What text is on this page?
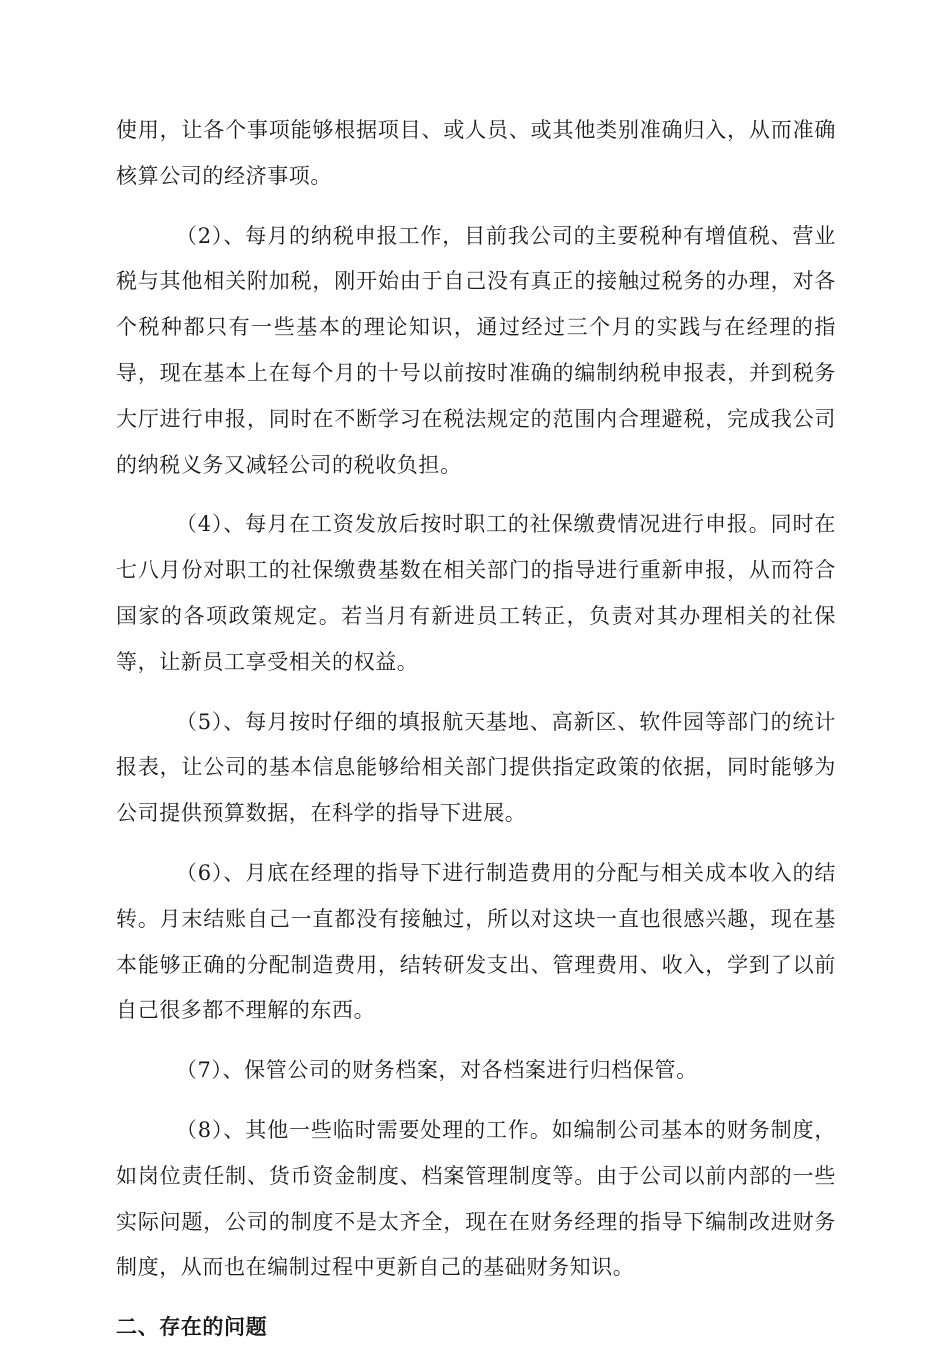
使用，让各个事项能够根据项目、或人员、或其他类别准确归入，从而准确核算公司的经济事项。

（2）、每月的纳税申报工作，目前我公司的主要税种有增值税、营业税与其他相关附加税，刚开始由于自己没有真正的接触过税务的办理，对各个税种都只有一些基本的理论知识，通过经过三个月的实践与在经理的指导，现在基本上在每个月的十号以前按时准确的编制纳税申报表，并到税务大厅进行申报，同时在不断学习在税法规定的范围内合理避税，完成我公司的纳税义务又减轻公司的税收负担。

（4）、每月在工资发放后按时职工的社保缴费情况进行申报。同时在七八月份对职工的社保缴费基数在相关部门的指导进行重新申报，从而符合国家的各项政策规定。若当月有新进员工转正，负责对其办理相关的社保等，让新员工享受相关的权益。

（5）、每月按时仔细的填报航天基地、高新区、软件园等部门的统计报表，让公司的基本信息能够给相关部门提供指定政策的依据，同时能够为公司提供预算数据，在科学的指导下进展。

（6）、月底在经理的指导下进行制造费用的分配与相关成本收入的结转。月末结账自己一直都没有接触过，所以对这块一直也很感兴趣，现在基本能够正确的分配制造费用，结转研发支出、管理费用、收入，学到了以前自己很多都不理解的东西。

（7）、保管公司的财务档案，对各档案进行归档保管。

（8）、其他一些临时需要处理的工作。如编制公司基本的财务制度，如岗位责任制、货币资金制度、档案管理制度等。由于公司以前内部的一些实际问题，公司的制度不是太齐全，现在在财务经理的指导下编制改进财务制度，从而也在编制过程中更新自己的基础财务知识。

二、存在的问题
